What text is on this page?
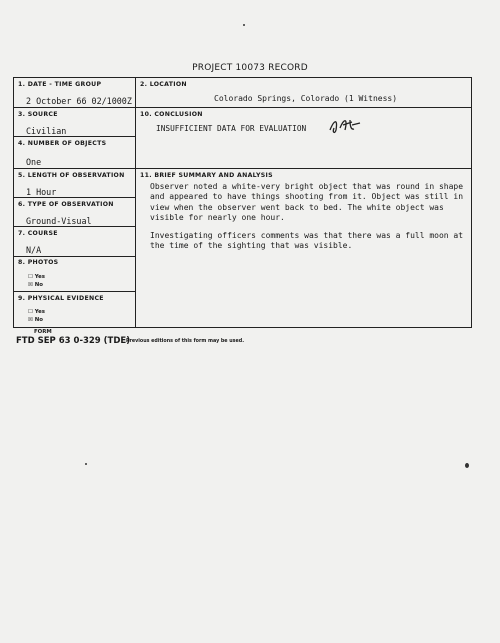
PROJECT 10073 RECORD
1. DATE - TIME GROUP
2 October 66 02/1000Z
3. SOURCE
Civilian
4. NUMBER OF OBJECTS
One
5. LENGTH OF OBSERVATION
1 Hour
6. TYPE OF OBSERVATION
Ground-Visual
7. COURSE
N/A
8. PHOTOS
☐ Yes
☒ No
9. PHYSICAL EVIDENCE
☐ Yes
☒ No
2. LOCATION
Colorado Springs, Colorado (1 Witness)
10. CONCLUSION
INSUFFICIENT DATA FOR EVALUATION
11. BRIEF SUMMARY AND ANALYSIS

Observer noted a white-very bright object that was round in shape and appeared to have things shooting from it. Object was still in view when the observer went back to bed. The white object was visible for nearly one hour.

Investigating officers comments was that there was a full moon at the time of the sighting that was visible.

FORM
FTD SEP 63 0-329 (TDE)
Previous editions of this form may be used.
